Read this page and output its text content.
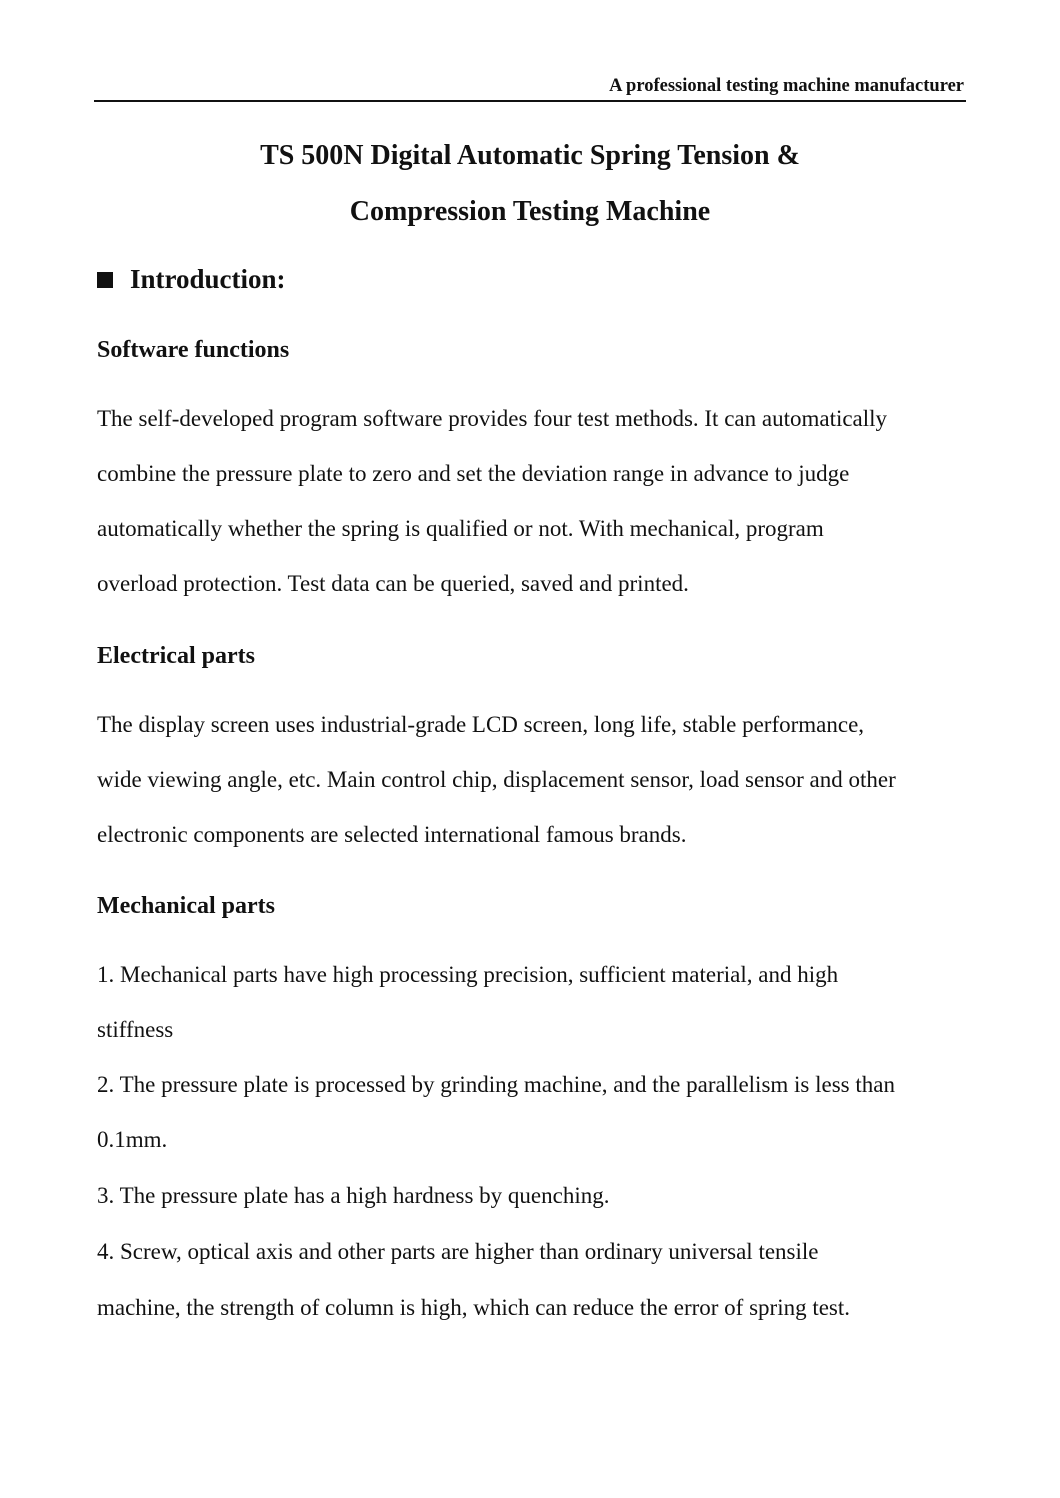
A professional testing machine manufacturer
TS 500N Digital Automatic Spring Tension &
Compression Testing Machine
Introduction:
Software functions
The self-developed program software provides four test methods. It can automatically
combine the pressure plate to zero and set the deviation range in advance to judge
automatically whether the spring is qualified or not. With mechanical, program
overload protection. Test data can be queried, saved and printed.
Electrical parts
The display screen uses industrial-grade LCD screen, long life, stable performance,
wide viewing angle, etc. Main control chip, displacement sensor, load sensor and other
electronic components are selected international famous brands.
Mechanical parts
1. Mechanical parts have high processing precision, sufficient material, and high
stiffness
2. The pressure plate is processed by grinding machine, and the parallelism is less than
0.1mm.
3. The pressure plate has a high hardness by quenching.
4. Screw, optical axis and other parts are higher than ordinary universal tensile
machine, the strength of column is high, which can reduce the error of spring test.
